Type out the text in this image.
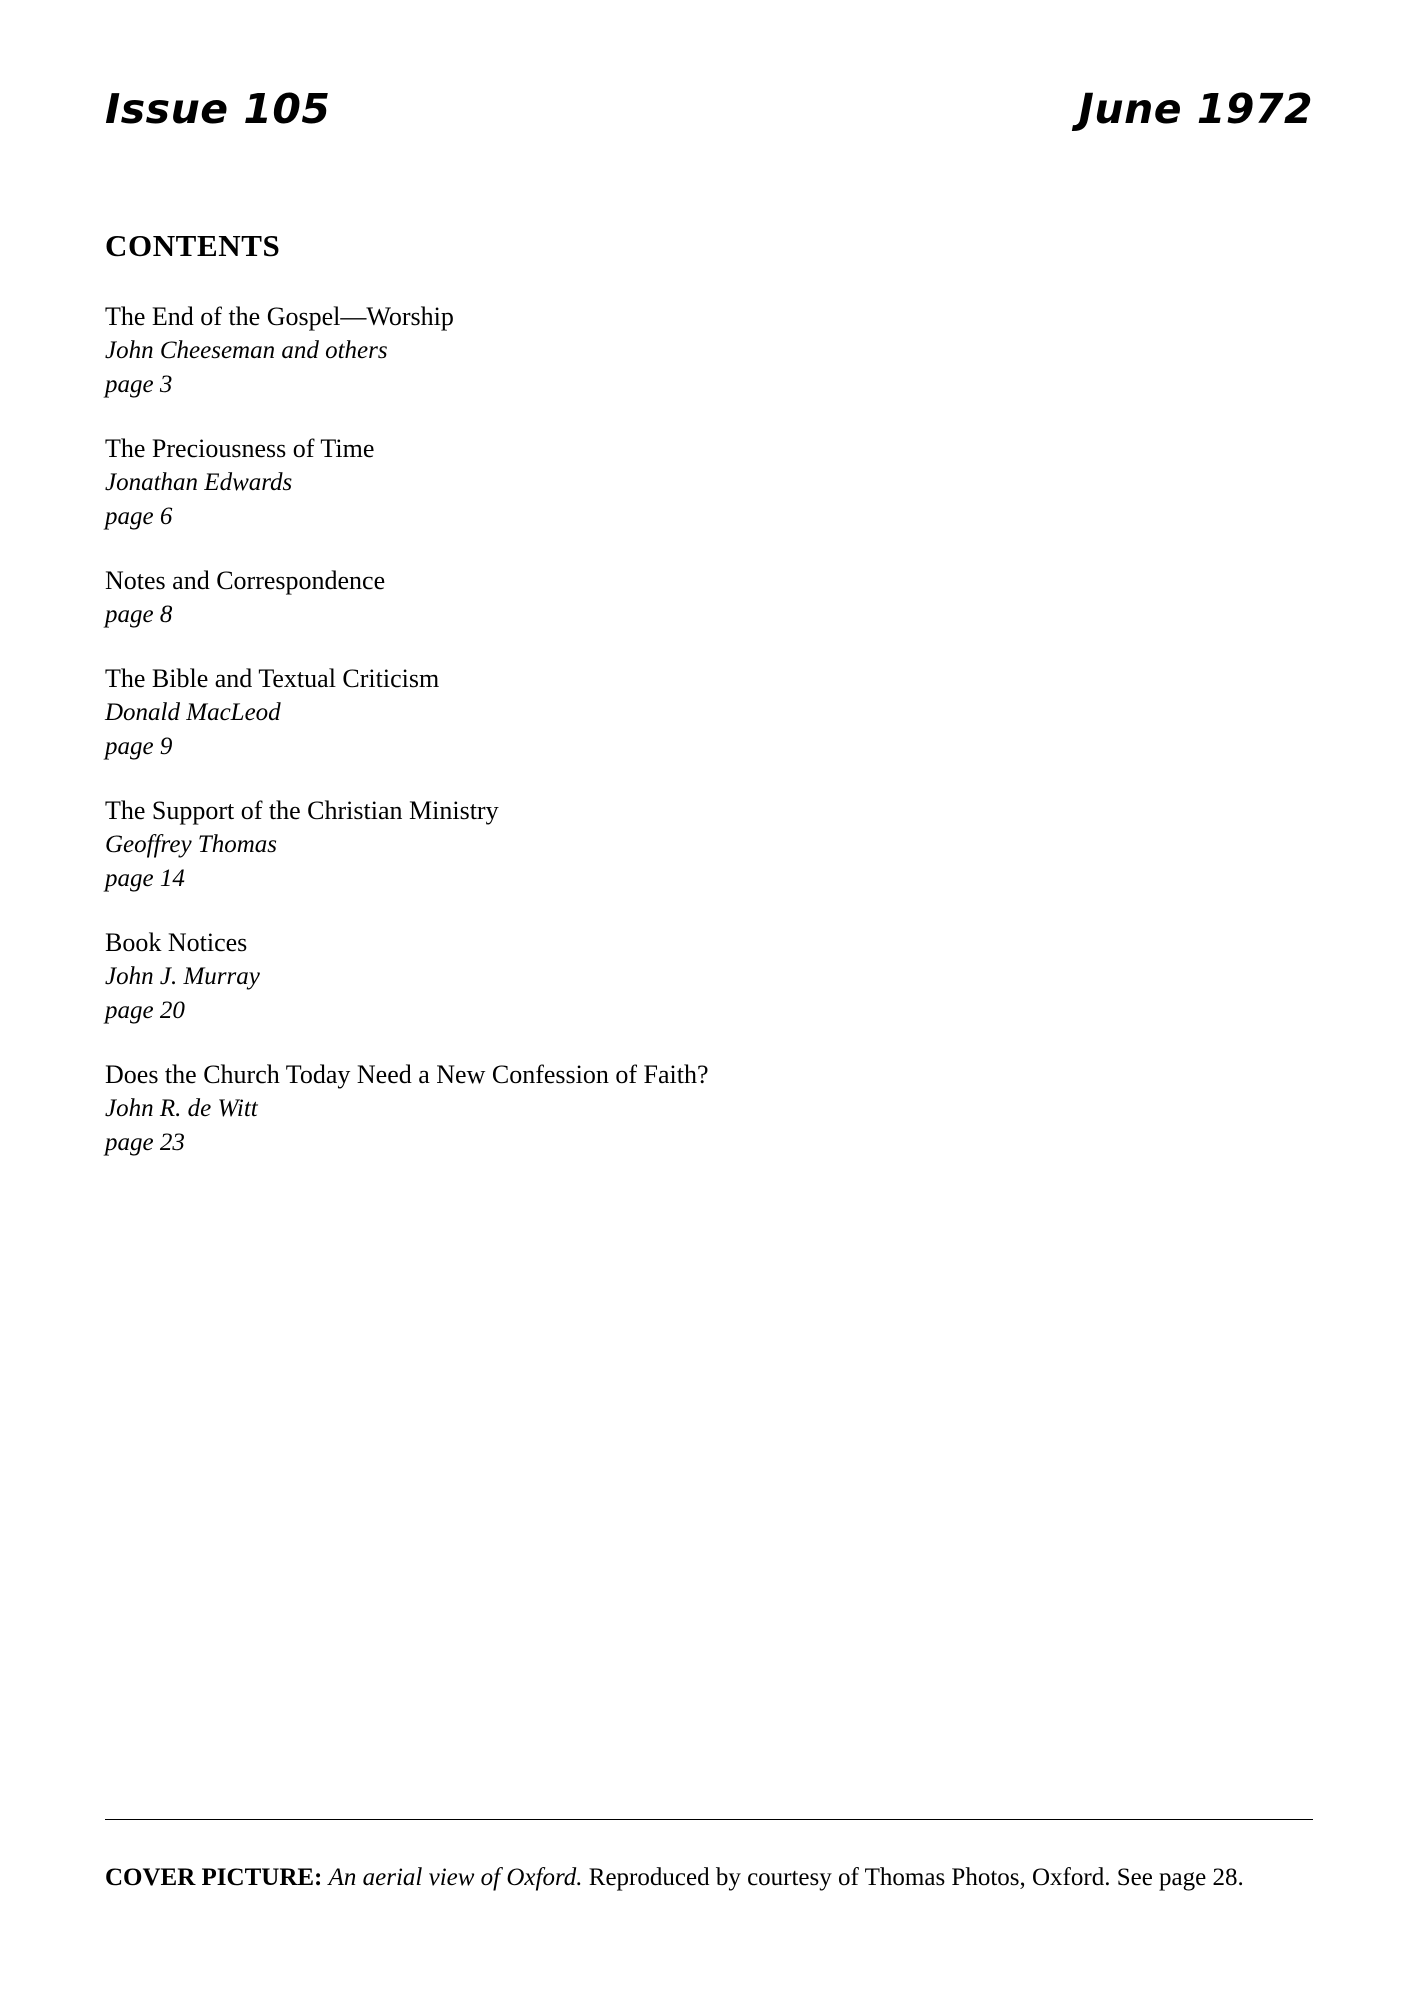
Issue 105	June 1972
CONTENTS
The End of the Gospel—Worship
John Cheeseman and others
page 3
The Preciousness of Time
Jonathan Edwards
page 6
Notes and Correspondence
page 8
The Bible and Textual Criticism
Donald MacLeod
page 9
The Support of the Christian Ministry
Geoffrey Thomas
page 14
Book Notices
John J. Murray
page 20
Does the Church Today Need a New Confession of Faith?
John R. de Witt
page 23
COVER PICTURE: An aerial view of Oxford. Reproduced by courtesy of Thomas Photos, Oxford. See page 28.
